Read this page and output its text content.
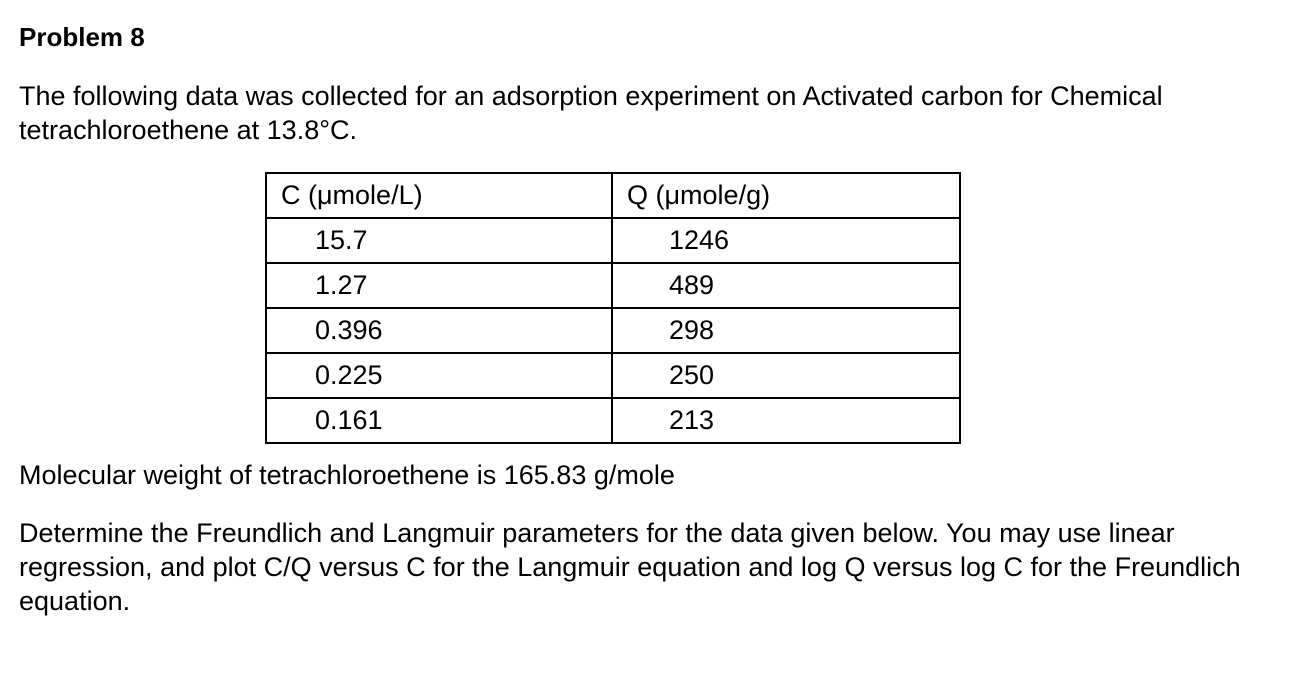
Problem 8

The following data was collected for an adsorption experiment on Activated carbon for Chemical tetrachloroethene at 13.8°C.

C (μmole/L)	Q (μmole/g)
15.7	1246
1.27	489
0.396	298
0.225	250
0.161	213

Molecular weight of tetrachloroethene is 165.83 g/mole

Determine the Freundlich and Langmuir parameters for the data given below. You may use linear regression, and plot C/Q versus C for the Langmuir equation and log Q versus log C for the Freundlich equation.
